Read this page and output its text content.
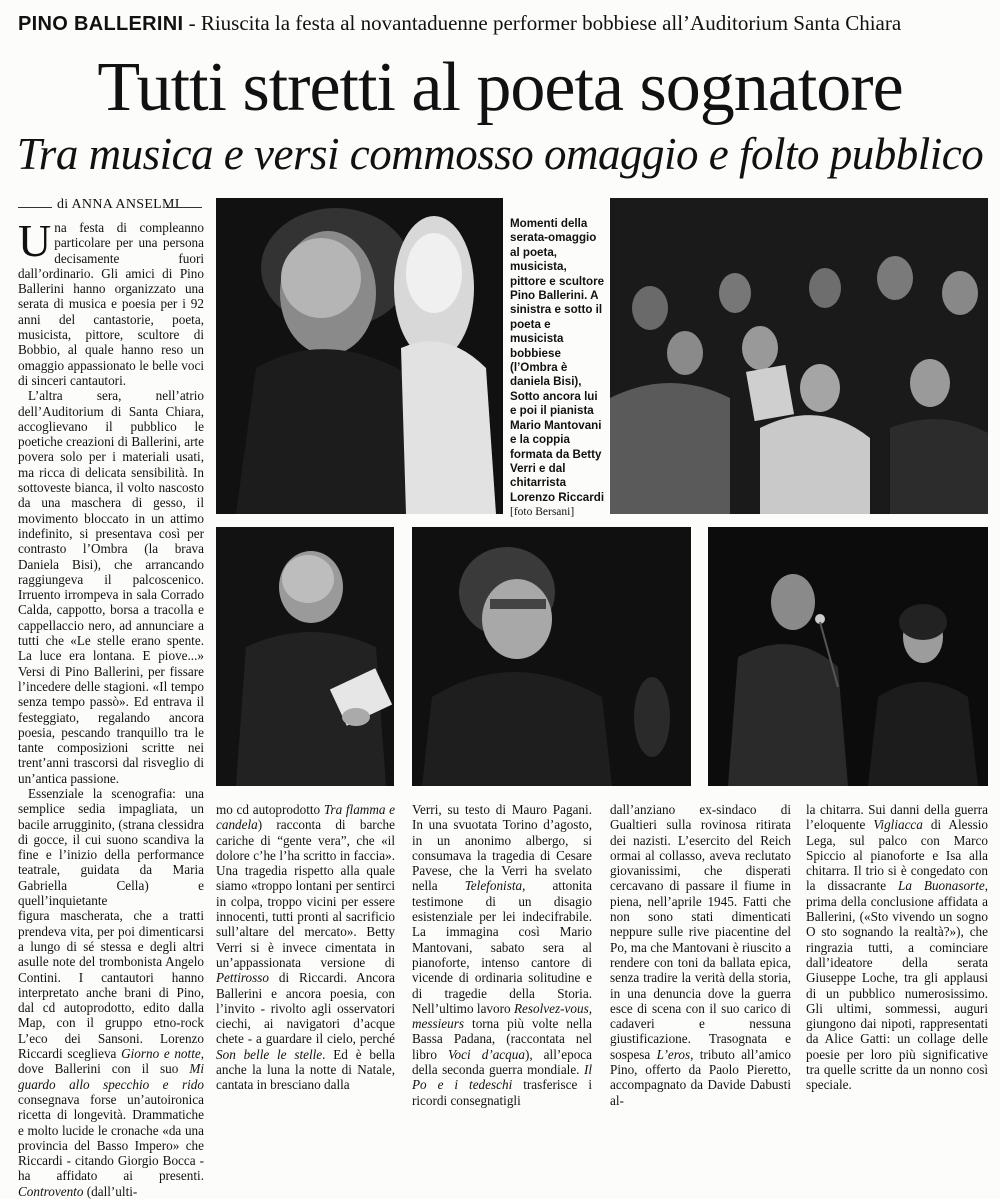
PINO BALLERINI - Riuscita la festa al novantaduenne performer bobbiese all’Auditorium Santa Chiara
Tutti stretti al poeta sognatore
Tra musica e versi commosso omaggio e folto pubblico
di ANNA ANSELMI

Una festa di compleanno particolare per una persona decisamente fuori dall’ordinario. Gli amici di Pino Ballerini hanno organizzato una serata di musica e poesia per i 92 anni del cantastorie, poeta, musicista, pittore, scultore di Bobbio, al quale hanno reso un omaggio appassionato le belle voci di sinceri cantautori.

L’altra sera, nell’atrio dell’Auditorium di Santa Chiara, accoglievano il pubblico le poetiche creazioni di Ballerini, arte povera solo per i materiali usati, ma ricca di delicata sensibilità. In sottoveste bianca, il volto nascosto da una maschera di gesso, il movimento bloccato in un attimo indefinito, si presentava così per contrasto l’Ombra (la brava Daniela Bisi), che arrancando raggiungeva il palcoscenico. Irruento irrompeva in sala Corrado Calda, cappotto, borsa a tracolla e cappellaccio nero, ad annunciare a tutti che «Le stelle erano spente. La luce era lontana. E piove...» Versi di Pino Ballerini, per fissare l’incedere delle stagioni. «Il tempo senza tempo passò». Ed entrava il festeggiato, regalando ancora poesia, pescando tranquillo tra le tante composizioni scritte nei trent’anni trascorsi dal risveglio di un’antica passione.

Essenziale la scenografia: una semplice sedia impagliata, un bacile arrugginito, (strana clessidra di gocce, il cui suono scandiva la fine e l’inizio della performance teatrale, guidata da Maria Gabriella Cella) e quell’inquietante

figura mascherata, che a tratti prendeva vita, per poi dimenticarsi a lungo di sé stessa e degli altri asulle note del trombonista Angelo Contini. I cantautori hanno interpretato anche brani di Pino, dal cd autoprodotto, edito dalla Map, con il gruppo etno-rock L’eco dei Sansoni. Lorenzo Riccardi sceglieva Giorno e notte, dove Ballerini con il suo Mi guardo allo specchio e rido consegnava forse un’autoironica ricetta di longevità. Drammatiche e molto lucide le cronache «da una provincia del Basso Impero» che Riccardi - citando Giorgio Bocca - ha affidato ai presenti. Controvento (dall’ulti-

Momenti della serata-omaggio al poeta, musicista, pittore e scultore Pino Ballerini. A sinistra e sotto il poeta e musicista bobbiese (l’Ombra è daniela Bisi), Sotto ancora lui e poi il pianista Mario Mantovani e la coppia formata da Betty Verri e dal chitarrista Lorenzo Riccardi
[foto Bersani]

mo cd autoprodotto Tra flamma e candela) racconta di barche cariche di “gente vera”, che «il dolore c’he l’ha scritto in faccia». Una tragedia rispetto alla quale siamo «troppo lontani per sentirci in colpa, troppo vicini per essere innocenti, tutti pronti al sacrificio sull’altare del mercato». Betty Verri si è invece cimentata in un’appassionata versione di Pettirosso di Riccardi. Ancora Ballerini e ancora poesia, con l’invito - rivolto agli osservatori ciechi, ai navigatori d’acque chete - a guardare il cielo, perché Son belle le stelle. Ed è bella anche la luna la notte di Natale, cantata in bresciano dalla

Verri, su testo di Mauro Pagani. In una svuotata Torino d’agosto, in un anonimo albergo, si consumava la tragedia di Cesare Pavese, che la Verri ha svelato nella Telefonista, attonita testimone di un disagio esistenziale per lei indecifrabile. La immagina così Mario Mantovani, sabato sera al pianoforte, intenso cantore di vicende di ordinaria solitudine e di tragedie della Storia. Nell’ultimo lavoro Resolvez-vous, messieurs torna più volte nella Bassa Padana, (raccontata nel libro Voci d’acqua), all’epoca della seconda guerra mondiale. Il Po e i tedeschi trasferisce i ricordi consegnatigli

dall’anziano ex-sindaco di Gualtieri sulla rovinosa ritirata dei nazisti. L’esercito del Reich ormai al collasso, aveva reclutato giovanissimi, che disperati cercavano di passare il fiume in piena, nell’aprile 1945. Fatti che non sono stati dimenticati neppure sulle rive piacentine del Po, ma che Mantovani è riuscito a rendere con toni da ballata epica, senza tradire la verità della storia, in una denuncia dove la guerra esce di scena con il suo carico di cadaveri e nessuna giustificazione. Trasognata e sospesa L’eros, tributo all’amico Pino, offerto da Paolo Pieretto, accompagnato da Davide Dabusti al-

la chitarra. Sui danni della guerra l’eloquente Vigliacca di Alessio Lega, sul palco con Marco Spiccio al pianoforte e Isa alla chitarra. Il trio si è congedato con la dissacrante La Buonasorte, prima della conclusione affidata a Ballerini, («Sto vivendo un sogno O sto sognando la realtà?»), che ringrazia tutti, a cominciare dall’ideatore della serata Giuseppe Loche, tra gli applausi di un pubblico numerosissimo. Gli ultimi, sommessi, auguri giungono dai nipoti, rappresentati da Alice Gatti: un collage delle poesie per loro più significative tra quelle scritte da un nonno così speciale.
